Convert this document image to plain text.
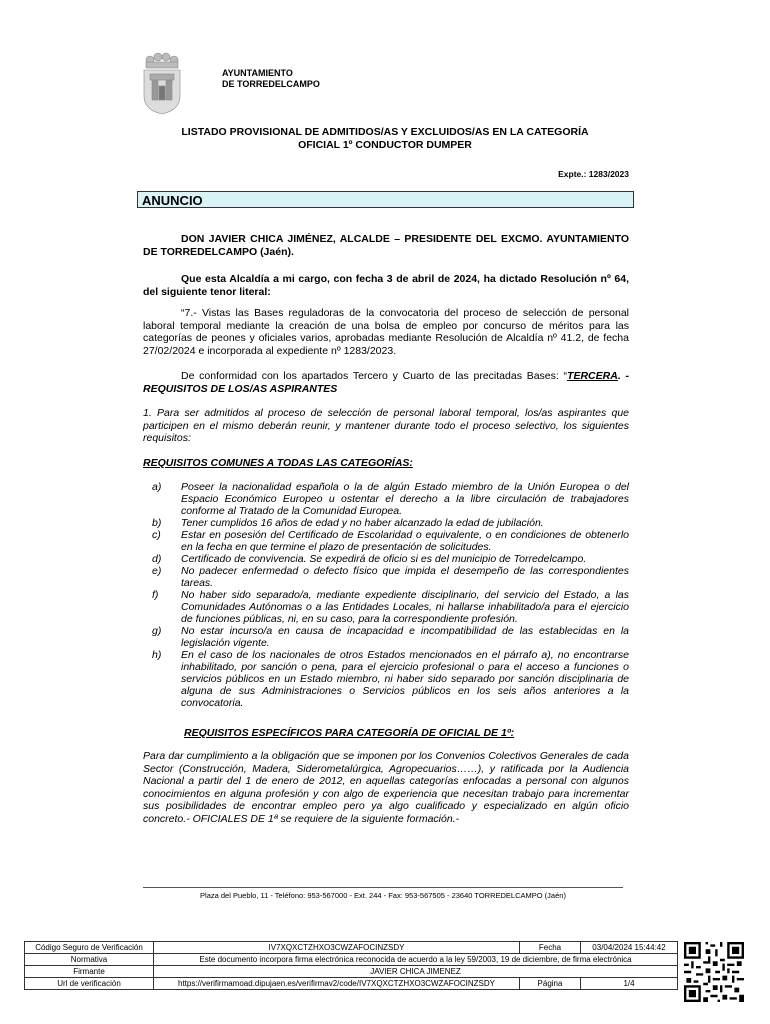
AYUNTAMIENTO
DE TORREDELCAMPO
LISTADO PROVISIONAL DE ADMITIDOS/AS Y EXCLUIDOS/AS EN LA CATEGORÍA
OFICIAL 1º CONDUCTOR DUMPER
Expte.: 1283/2023
ANUNCIO
DON JAVIER CHICA JIMÉNEZ, ALCALDE – PRESIDENTE DEL EXCMO. AYUNTAMIENTO DE TORREDELCAMPO (Jaén).
Que esta Alcaldía a mi cargo, con fecha 3 de abril de 2024, ha dictado Resolución nº 64, del siguiente tenor literal:
“7.- Vistas las Bases reguladoras de la convocatoria del proceso de selección de personal laboral temporal mediante la creación de una bolsa de empleo por concurso de méritos para las categorías de peones y oficiales varios, aprobadas mediante Resolución de Alcaldía nº 41.2, de fecha 27/02/2024 e incorporada al expediente nº 1283/2023.
De conformidad con los apartados Tercero y Cuarto de las precitadas Bases: “TERCERA. - REQUISITOS DE LOS/AS ASPIRANTES
1. Para ser admitidos al proceso de selección de personal laboral temporal, los/as aspirantes que participen en el mismo deberán reunir, y mantener durante todo el proceso selectivo, los siguientes requisitos:
REQUISITOS COMUNES A TODAS LAS CATEGORÍAS:
a)	Poseer la nacionalidad española o la de algún Estado miembro de la Unión Europea o del Espacio Económico Europeo u ostentar el derecho a la libre circulación de trabajadores conforme al Tratado de la Comunidad Europea.
b)	Tener cumplidos 16 años de edad y no haber alcanzado la edad de jubilación.
c)	Estar en posesión del Certificado de Escolaridad o equivalente, o en condiciones de obtenerlo en la fecha en que termine el plazo de presentación de solicitudes.
d)	Certificado de convivencia. Se expedirá de oficio si es del municipio de Torredelcampo.
e)	No padecer enfermedad o defecto físico que impida el desempeño de las correspondientes tareas.
f)	No haber sido separado/a, mediante expediente disciplinario, del servicio del Estado, a las Comunidades Autónomas o a las Entidades Locales, ni hallarse inhabilitado/a para el ejercicio de funciones públicas, ni, en su caso, para la correspondiente profesión.
g)	No estar incurso/a en causa de incapacidad e incompatibilidad de las establecidas en la legislación vigente.
h)	En el caso de los nacionales de otros Estados mencionados en el párrafo a), no encontrarse inhabilitado, por sanción o pena, para el ejercicio profesional o para el acceso a funciones o servicios públicos en un Estado miembro, ni haber sido separado por sanción disciplinaria de alguna de sus Administraciones o Servicios públicos en los seis años anteriores a la convocatoria.
REQUISITOS ESPECÍFICOS PARA CATEGORÍA DE OFICIAL DE 1º:
Para dar cumplimiento a la obligación que se imponen por los Convenios Colectivos Generales de cada Sector (Construcción, Madera, Siderometalúrgica, Agropecuarios……), y ratificada por la Audiencia Nacional a partir del 1 de enero de 2012, en aquellas categorías enfocadas a personal con algunos conocimientos en alguna profesión y con algo de experiencia que necesitan trabajo para incrementar sus posibilidades de encontrar empleo pero ya algo cualificado y especializado en algún oficio concreto.- OFICIALES DE 1ª se requiere de la siguiente formación.-
Plaza del Pueblo, 11 - Teléfono: 953-567000 - Ext. 244 - Fax: 953-567505 - 23640 TORREDELCAMPO (Jaén)
Código Seguro de Verificación	IV7XQXCTZHXO3CWZAFOCINZSDY	Fecha	03/04/2024 15:44:42
Normativa	Este documento incorpora firma electrónica reconocida de acuerdo a la ley 59/2003, 19 de diciembre, de firma electrónica		
Firmante	JAVIER CHICA JIMENEZ		
Url de verificación	https://verifirmamoad.dipujaen.es/verifirmav2/code/IV7XQXCTZHXO3CWZAFOCINZSDY	Página	1/4
